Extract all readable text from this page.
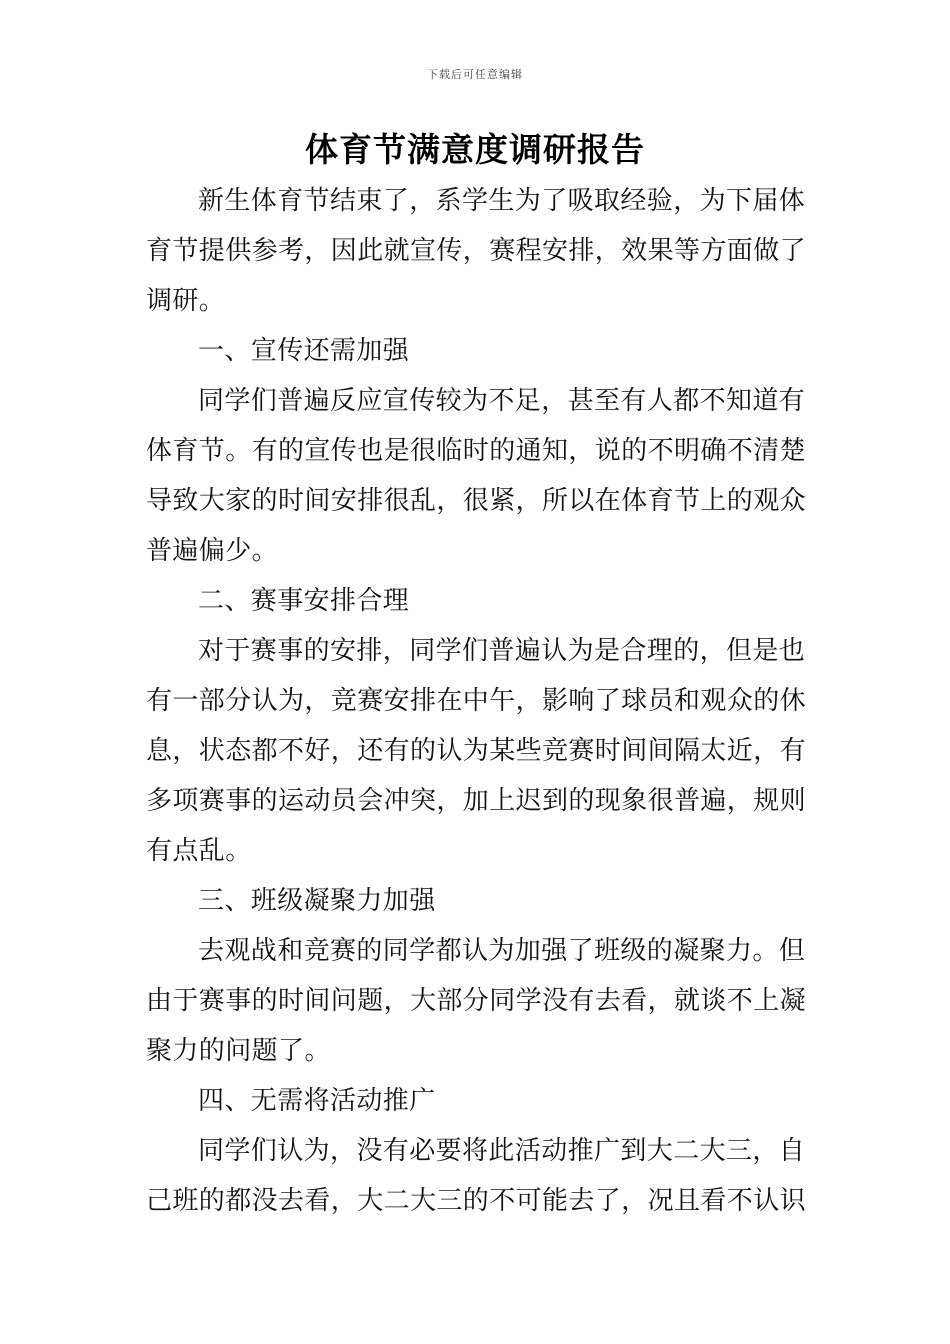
下载后可任意编辑
体育节满意度调研报告

新生体育节结束了，系学生为了吸取经验，为下届体育节提供参考，因此就宣传，赛程安排，效果等方面做了调研。

一、宣传还需加强

同学们普遍反应宣传较为不足，甚至有人都不知道有体育节。有的宣传也是很临时的通知，说的不明确不清楚导致大家的时间安排很乱，很紧，所以在体育节上的观众普遍偏少。

二、赛事安排合理

对于赛事的安排，同学们普遍认为是合理的，但是也有一部分认为，竞赛安排在中午，影响了球员和观众的休息，状态都不好，还有的认为某些竞赛时间间隔太近，有多项赛事的运动员会冲突，加上迟到的现象很普遍，规则有点乱。

三、班级凝聚力加强

去观战和竞赛的同学都认为加强了班级的凝聚力。但由于赛事的时间问题，大部分同学没有去看，就谈不上凝聚力的问题了。

四、无需将活动推广

同学们认为，没有必要将此活动推广到大二大三，自己班的都没去看，大二大三的不可能去了，况且看不认识
